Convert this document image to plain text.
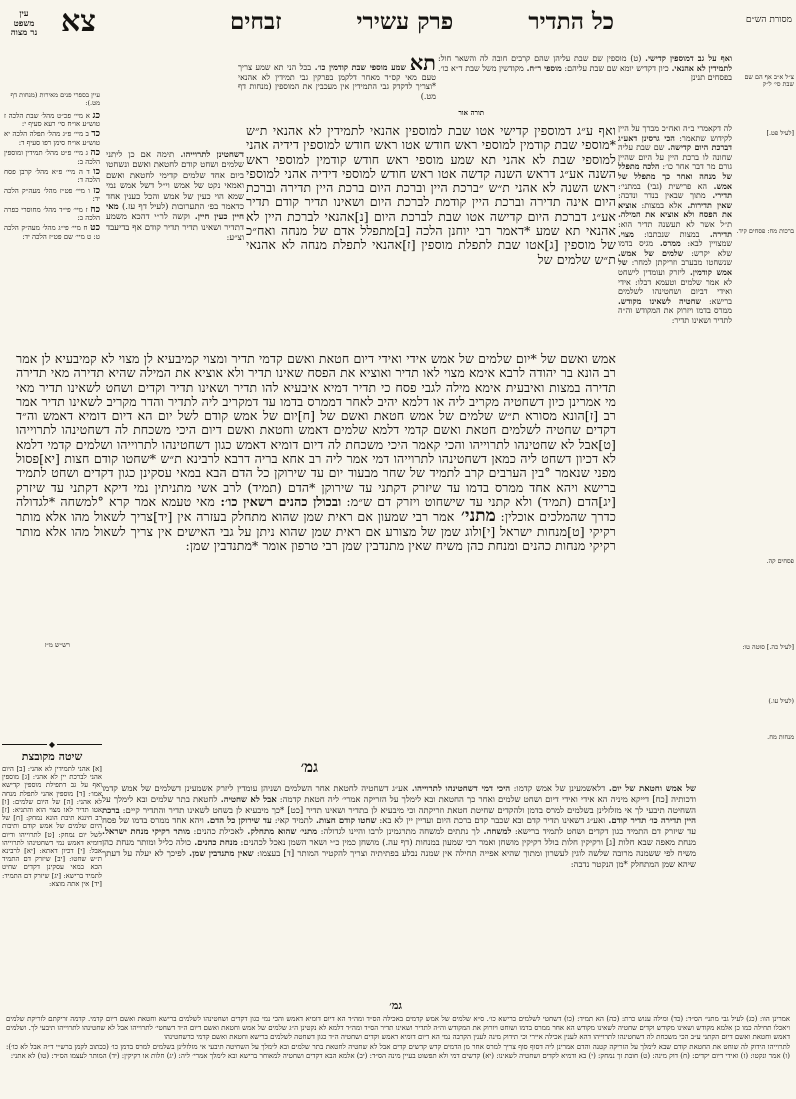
עין משפט
נר מצוה צא	כל התדיר
פרק עשירי
זבחים	מסורת הש״ם
ואף על גב דמוספין קדישי. (ט) מוספין שם שבת עליהן שהם קרבים חובה לה והשאר חול: לתמידין לא אהנאי. כיון דקדיש יומא שם שבת עליהם: מוספי ר״ח. מקודשין משל שבת ד״א כו׳. בפסחים תנינן
תורה אור
תא שמע מוספי שבת קודמין כו׳. בכל הני תא שמע צריך טעם מאי קס״ד מאחר דלקמן בפרקין גבי תמידין לא אהנאי *וצריך לדקדק גבי התמידין אין מעכבין את המוספין (מנחות דף מט.)
לה דקאמרי ב״ה ואח״כ מברך על היין לקידוש שתאמר: הכי גרסינן דאע״ג דברכת היום קדישה. שם שבת עליה שחונה לו ברכת היין על היום שהיין גורם מר דבר אחר כו׳: הלכה מתפלל של מנחה ואחר כך מתפלל של אמש. הא פרישית (גבי) במתני׳: תדירי. מתוך שבאין בנדר ונדבה: שאין תדירות. אלא במצות: אוציא את הפסח ולא אוציא את המילה. ת״ל אשר לא תעשנה תדיר הוא: תדירה. במצות שנכתבו: מצוי. שמצויין לבא: ממרס. מגיס בדמו שלא יקרש: שלמים של אמש. שנשחטו מבערב וזריקתן למחר: של אמש קודמין. ליזרק ועומדין לישחט לא אמר שלמים וטעמא דבלו: אידי ואידי דביום ושחטינהו לשלמים ברישא: שחטיה לשאינו מקודש. ממרס בדמו ויזרוק את המקודש וה״ה לתדיר ושאינו תדיר:
צ״ל א״ב אף הם שם שבת סי׳ ל״ק
[לעיל פט.]
ברכות מח: פסחים קיד.
פסחים קה.
[לעיל כה.] סוטה טו:
(לעיל עו.)
מנחות מח.
ואף ע״ג דמוספין קדישי אטו שבת למוספין אהנאי לתמידין לא אהנאי ת״ש *מוספי שבת קודמין למוספי ראש חודש אטו ראש חודש למוספין דידיה אהני למוספי שבת לא אהני תא שמע מוספי ראש חודש קודמין למוספי ראש השנה אע״ג דראש השנה קדשה אטו ראש חודש למוספי דידיה אהני למוספי ראש השנה לא אהני ת״ש ״ברכת היין וברכת היום ברכת היין תדירה וברכת היום אינה תדירה וברכת היין קודמת לברכת היום ושאינו תדיר קודם תדיר אע״ג דברכת היום קדישה אטו שבת לברכת היום [נ]אהנאי לברכת היין לא אהנאי תא שמע *דאמר רבי יוחנן הלכה [ב]מתפלל אדם של מנחה ואח״כ של מוספין [ג]אטו שבת לתפלת מוספין [ז]אהנאי לתפלת מנחה לא אהנאי ת״ש שלמים של
דשחטינן לתרוייהו. תימה אם כן ליתני שלמים ושחט קודם לחטאת ואשם ונשחטו ביום אחד שלמים קדימי לחטאת ואשם ואמאי נקט של אמש וי״ל דשל אמש נמי שמא הוי כעין של אמש והכל כענין אחד כדאמר בפ׳ התערובות (לעיל דף עז.) מאי חיין כעין חיין. וקשה לר״י דהכא משמע דתדיר ושאינו תדיר תדיר קודם אף בדיעבד וצ״ע:
אמש ואשם של *יום שלמים של אמש אידי ואידי דיום חטאת ואשם קדמי תדיר ומצוי קמיבעיא לן מצוי לא קמיבעיא לן אמר רב הונא בר יהודה לרבא אימא מצוי לאו תדיר ואוציא את הפסח שאינו תדיר ולא אוציא את המילה שהיא תדירה מאי תדירה תדירה במצות ואיבעית אימא מילה לגבי פסח כי תדיר דמיא איבעיא להו תדיר ושאינו תדיר וקדים ושחט לשאינו תדיר מאי מי אמרינן כיון דשחטיה מקריב ליה או דלמא יהיב לאחר דממרס בדמו עד דמקריב ליה לתדיר והדר מקריב לשאינו תדיר אמר רב [ז]הונא מסורא ת״ש שלמים של אמש חטאת ואשם של [ח]יום של אמש קודם לשל יום הא דיום דומיא דאמש וה״ד דקדים שחטיה לשלמים חטאת ואשם קדמי דלמא שלמים דאמש וחטאת ואשם דיום היכי משכחת לה דשחטינהו לתרוייהו [ט]אבל לא שחטינהו לתרוייהו והכי קאמר היכי משכחת לה דיום דומיא דאמש כגון דשחטינהו לתרוייהו ושלמים קדמי דלמא לא דכיון דשחט ליה כמאן דשחטינהו לתרוייהו דמי אמר ליה רב אחא בריה דרבא לרבינא ת״ש *שחטו קודם חצות [יא]פסול מפני שנאמר °בין הערבים קרב לתמיד של שחר מבעוד יום עד שירוקן כל הדם הבא במאי עסקינן כגון דקדים ושחט לתמיד ברישא ויהא אחד ממרס בדמו עד שיזרק דקתני עד שירוקן *הדם (תמיד) לרב אשי מתניתין נמי דיקא דקתני עד שיזרק [יג]הדם (תמיד) ולא קתני עד שישחוט ויזרק דם ש״מ: ובכולן כהנים רשאין כו׳: מאי טעמא אמר קרא °למשחה *לגדולה כדרך שהמלכים אוכלין: מתני׳ אמר רבי שמעון אם ראית שמן שהוא מתחלק בעזרה אין [יד]צריך לשאול מהו אלא מותר רקיקי [ט]מנחות ישראל [י]ולוג שמן של מצורע אם ראית שמן שהוא ניתן על גבי האישים אין צריך לשאול מהו אלא מותר רקיקי מנחות כהנים ומנחת כהן משיח שאין מתנדבין שמן רבי טרפון אומר *מתנדבין שמן:
גמ׳
של אמש וחטאת של יום. דלאשמעינן של אמש קדמו: היכי דמי דשחטינהו לתרוייהו. אע״ג דשחטיה לחטאת אחר השלמים ושניהן עומדין ליזרק אשמעינן דשלמים של אמש קדמו ודכותיה [כח] דייקא מיניה הא אידי ואידי דיום ושחט שלמים ואחר כך החטאת ובא לימלך על הזריקה אמרי׳ ליה חטאת קדמה: אבל לא שחטיה. לחטאת בתר שלמים ובא לימלך על השחיטה תיבעי לך אי מזלזלינן בשלמים למרס בדמן ולהקדים שחיטת חטאת וזריקתה וכי מיבעיא לן בתדיר ושאינו תדיר [כט] *כך מיבעיא לן בשחט לשאינו תדיר והתדיר קיים: ברכת היין תדירה כו׳ תדיר קודם. ואע״ג דשאינו תדיר קדם ובא שכבר קדם ברכת היום ועדיין יין לא בא: שחטו קודם חצות. לתמיד קאי: עד שירוקן כל הדם. ויהא אחד ממרס בדמו של פסח עד שיזרק דם התמיד כגון דקדים ושחט לתמיד ברישא: למשחה. לך נתתים למשחה מתרגמינן לרבו והיינו לגדולה: מתני׳ שהוא מתחלק. לאכילת כהנים: מותר רקיקי מנחת ישראל. מנחת מאפה שבא חלות [ג] ורקיקין חלות בולל רקיקין מושחן ואמר רבי שמעון במנחות (דף עה.) מושחן כמין כ״י ושאר השמן נאכל לכהנים: מנחת כהנים. כולה כליל ומותר מנחת כהן משיח לפי ששמנה מרובה שלשה לוגין לעשרון ומתוך שהיא אפייה תחילה אין שמנה נבלע בפתיתיה וצריך להקטיר המותר [ד] בעצמו: שאין מתנדבין שמן. לפיכך לא יעלה על דעתך שיהא שמן המתחלק *מן הנקטר נדבה:
גמ׳
עיין בספרי פנים מאירות (מנחות דף מט.):
כג א מיי׳ פכ״ט מהל׳ שבת הלכה ז טוש״ע או״ח סי׳ רעא סעיף י:
כד ב מיי׳ פ״ג מהל׳ תפלה הלכה יא טוש״ע או״ח סימן רפו סעיף ד:
כה ג מיי׳ פ״ט מהל׳ תמידין ומוספין הלכה ב:
כו ד ה מיי׳ פ״א מהל׳ קרבן פסח הלכה ד:
כז ו מיי׳ פט״ז מהל׳ מעה״ק הלכה יד:
כח ז מיי׳ פי״ד מהל׳ מחוסרי כפרה הלכה ב:
כט ח מיי׳ פי״ג מהל׳ מעה״ק הלכה ט: ט מיי׳ שם פט״ז הלכה יד:
רש״ש מ״ז
◆
שיטה מקובצת
[א] אהני לתמידין לא אהני: [ב] היום אהני לברכת יין לא אהני: [ג] מוספין ואף על גב דתפילת מוספין קדישא אמו׳: [ד] מוספין אהני לתפלת מנחה לא אהני: [ה] של היום שלמים: [ו] אטו תדיר לאו מצוי הוא והתניא: [ז] רב חיננא תיבת הונא נמחק: [ח] של היום שלמים של אמש קודם ותיבות לשל יום נמחק: [ט] לתרוייהו ודיום דומיא דאמש נמי דשחטינהו לתרוייהו אבל: [י] דכיון דאתא: [יא] לרבינא ת״ש שחטו: [יב] שיזרק דם התמיד הכא במאי עסקינן דקדים שחיט לתמיד ברישא: [יג] שיזרק דם התמיד: [יד] אין אתה מוצא:
אמרינן הוו: (כג) לעיל גבי מתני׳ הס״ד: (כד) ומילה ענוש כרת: (כה) הא תמיד: (כו) דשחטי לשלמים ברישא כו׳. ס״א שלמים של אמש קדמים באכילה הס״ד ומה״ד הא דיום דומיא דאמש והכי נמי כגון דקדים ושחטינהו לשלמים ברישא וחטאת ואשם דיום קדמי. קדמה זריקתם לזריקת שלמים ויאכלו תחילה כמו כן אלמא מקודש ושאינו מקודש וקדים שחטיה לשאינו מקודש הא אחר ממרס בדמו ושוחט ויזרוק את המקודש וה״ה לתדיר ושאינו תדיר הס״ד ומה״ד דלמא לא נקטינן ה״ג שלמים של אמש וחטאת ואשם דיום ה״ד דשחטי׳ לתרוייהו אבל לא שחטינהו לתרוייהו תיבעי לך. ושלמים דאמש וחטאת ואשם דיום הקתני ע״ב הכי משכחת לה דשחטינהו לתרוייהו דהא לענין אכילה איירי וכי תידוק מינה לענין הקרבה נמי הא דיום דומיא דאמש וקדים ושחטיה ה״ד כגון דשחטה לשלמים ברישא וחטאת ואשם קדמי כדשחטינהו
לתרוייהו הידוק לה שוחט את החטאת קודם שבא לימלך על הזריקה קטנה והדם אמרינן ליה דסוף סוף צריך למרס אחר מן הדמים קדש קדשים קדים אבל לא שחטיה לחטאת בתר שלמים ובא לימלך על השחיטה תיבעי אי מזלזלינן בשלמים למרס בדמן כו׳ (ככתוב לקמן ברש״י ד״ה אבל לא כו׳): (ו) אמר ונקטו: (ז) ואידי דיום יקדים: (ח) דוק מינה: (ט) חובת זך נמחק: (י) בא ודמיא לקדים ושחטיה לשאינו: (יא) קדשים דמי ולא תפשוט בעיין מינה הס״ד: (יב) אלמא הבא דקדים ושחטיה למאוחר ברישא ובא לימלך אמרי׳ ליה: (יג) חלות או רקיקין: (יד) המותר לעצמו הס״ד: (טו) לא אתני:
